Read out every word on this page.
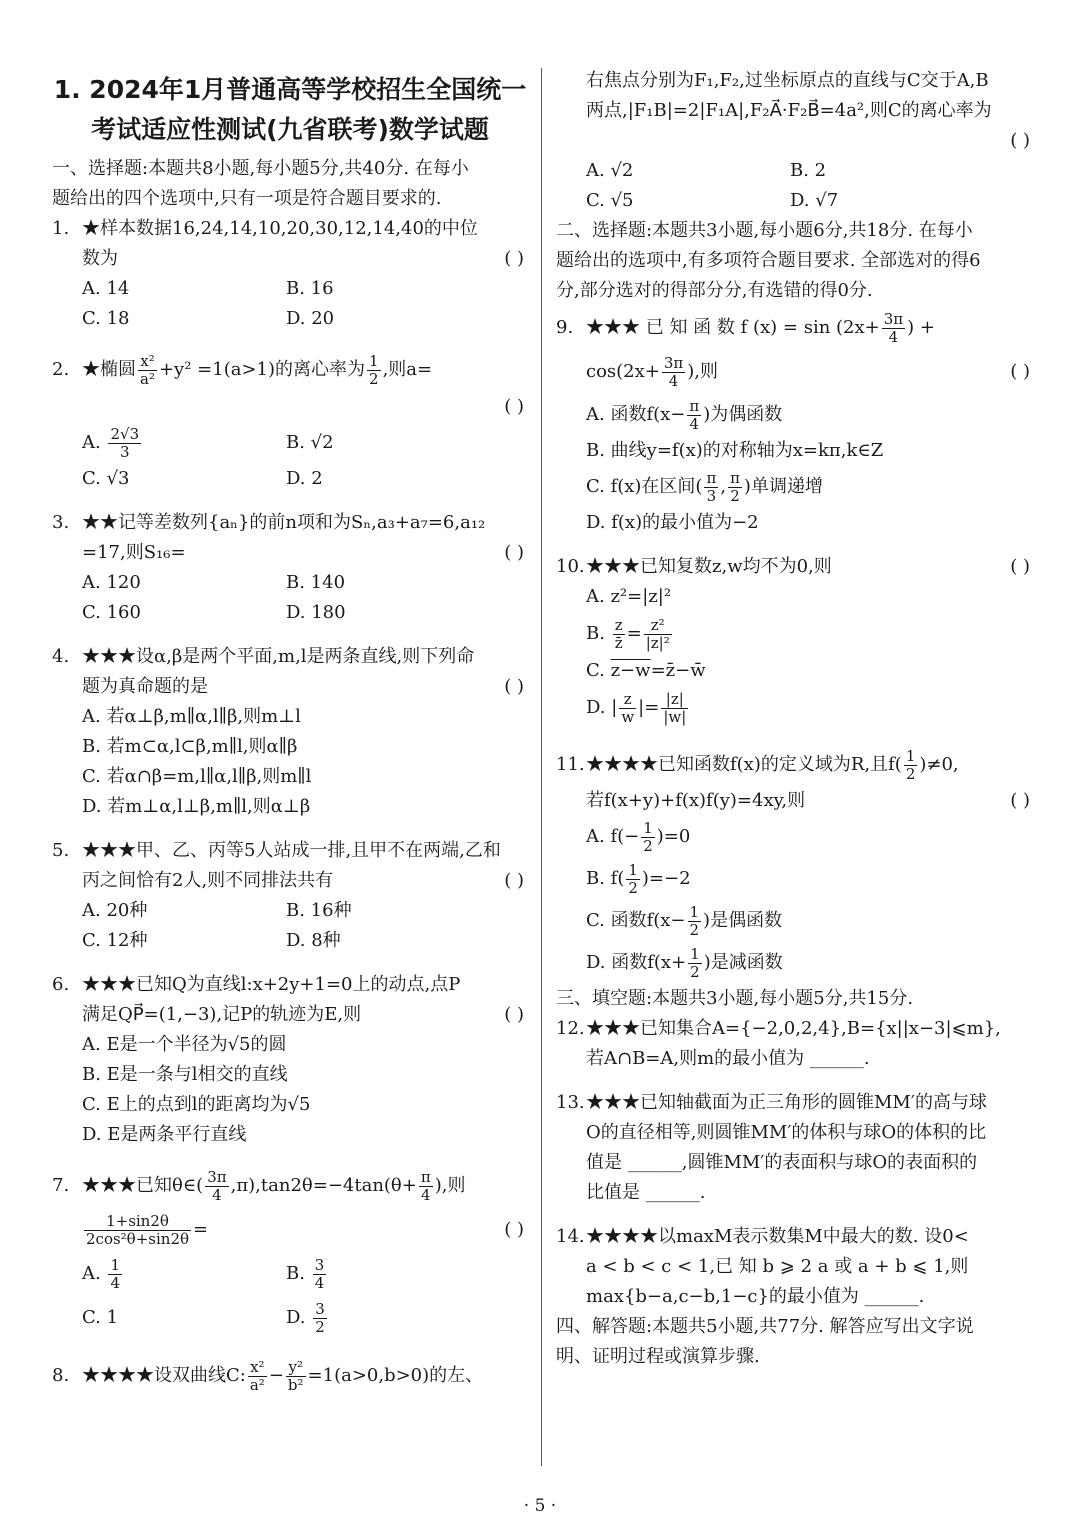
1. 2024年1月普通高等学校招生全国统一
考试适应性测试(九省联考)数学试题
一、选择题:本题共8小题,每小题5分,共40分. 在每小
题给出的四个选项中,只有一项是符合题目要求的.
1. ★样本数据16,24,14,10,20,30,12,14,40的中位
数为	( )
A. 14	B. 16
C. 18	D. 20
2. ★椭圆 $\frac{\text{x²}}{\text{a²}} +y^2 =1(a>1)$的离心率为 $\frac{1}{2}$ ,则a=
( )

A. $\frac{2√3}{3}$	B. √2
C. √3	D. 2
3. ★★记等差数列{aₙ}的前n项和为Sₙ,a₃+a₇=6,a₁₂
=17,则S₁₆=	( )
A. 120	B. 140
C. 160	D. 180
4. ★★★设α,β是两个平面,m,l是两条直线,则下列命
题为真命题的是	( )
A. 若α⊥β,m∥α,l∥β,则m⊥l
B. 若m⊂α,l⊂β,m∥l,则α∥β
C. 若α∩β=m,l∥α,l∥β,则m∥l
D. 若m⊥α,l⊥β,m∥l,则α⊥β
5. ★★★甲、乙、丙等5人站成一排,且甲不在两端,乙和
丙之间恰有2人,则不同排法共有	( )
A. 20种	B. 16种
C. 12种	D. 8种
6. ★★★已知Q为直线l:x+2y+1=0上的动点,点P
满足QP⃗=(1,−3),记P的轨迹为E,则	( )
A. E是一个半径为√5的圆
B. E是一条与l相交的直线
C. E上的点到l的距离均为√5
D. E是两条平行直线
7. ★★★已知θ∈( $\frac{3\pi}{4} ,\pi),\tan 2\theta=-4\tan(\theta+ \frac{\pi}{4}$ ),则
$\frac{1+\sin 2\theta}{\text{2cos²θ+sin2θ}}$ =	( )
A. $\frac{1}{4}$	B. $\frac{3}{4}$
C. 1	D. $\frac{3}{2}$
8. ★★★★设双曲线C: $\frac{\text{x²}}{\text{a²}} - \frac{\text{y²}}{\text{b²}} =1(a>0,b>0)$的左、
右焦点分别为F₁,F₂,过坐标原点的直线与C交于A,B
两点,|F₁B|=2|F₁A|,F₂A⃗·F₂B⃗=4a²,则C的离心率为
( )

A. √2	B. 2
C. √5	D. √7
二、选择题:本题共3小题,每小题6分,共18分. 在每小
题给出的选项中,有多项符合题目要求. 全部选对的得6
分,部分选对的得部分分,有选错的得0分.
9. ★★★ 已 知 函 数 f $(x) = \sin (2x+ \frac{3\pi}{4}$ ) +
$\cos(2x+ \frac{3\pi}{4}$ ),则	( )
A. 函数$f(x- \frac{\pi}{4}$ )为偶函数
B. 曲线y=f(x)的对称轴为x=kπ,k∈Z
C. f(x)在区间( $\frac{\pi}{3}$ , $\frac{\pi}{2}$ )单调递增
D. f(x)的最小值为−2
10.★★★已知复数z,w均不为0,则	( )
A. z²=|z|²
B. $\frac{z}{z̄} = \frac{\text{z²}}{\text{|z|²}}$
C. z−w=z̄−w̄
D. | $\frac{z}{w}$ |= $\frac{|z|}{|w|}$
11.★★★★已知函数f(x)的定义域为R,且$f( \frac{1}{2} )\ne 0$,
若f(x+y)+f(x)f(y)=4xy,则	( )
A. $f(- \frac{1}{2} )=0$
B. $f( \frac{1}{2} )=-2$
C. 函数$f(x- \frac{1}{2}$ )是偶函数
D. 函数$f(x+ \frac{1}{2}$ )是减函数
三、填空题:本题共3小题,每小题5分,共15分.
12.★★★已知集合A={−2,0,2,4},B={x||x−3|⩽m},
若A∩B=A,则m的最小值为 ______.
13.★★★已知轴截面为正三角形的圆锥MM′的高与球
O的直径相等,则圆锥MM′的体积与球O的体积的比
值是 ______,圆锥MM′的表面积与球O的表面积的
比值是 ______.
14.★★★★以maxM表示数集M中最大的数. 设0<
a < b < c < 1,已 知 b ⩾ 2 a 或 a + b ⩽ 1,则
max{b−a,c−b,1−c}的最小值为 ______.
四、解答题:本题共5小题,共77分. 解答应写出文字说
明、证明过程或演算步骤.
· 5 ·
